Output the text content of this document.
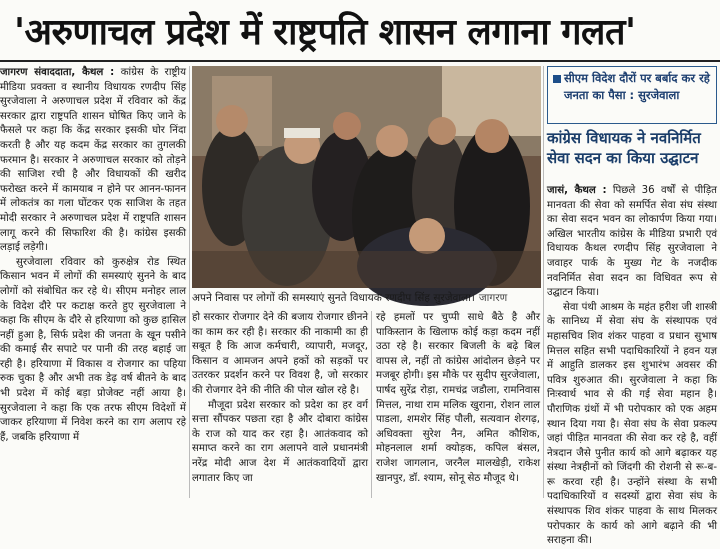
'अरुणाचल प्रदेश में राष्ट्रपति शासन लगाना गलत'

जागरण संवाददाता, कैथल : कांग्रेस के राष्ट्रीय मीडिया प्रवक्ता व स्थानीय विधायक रणदीप सिंह सुरजेवाला ने अरुणाचल प्रदेश में रविवार को केंद्र सरकार द्वारा राष्ट्रपति शासन घोषित किए जाने के फैसले पर कहा कि केंद्र सरकार इसकी घोर निंदा करती है और यह कदम केंद्र सरकार का तुगलकी फरमान है। सरकार ने अरुणाचल सरकार को तोड़ने की साजिश रची है और विधायकों की खरीद फरोख्त करने में कामयाब न होने पर आनन-फानन में लोकतंत्र का गला घोंटकर एक साजिश के तहत मोदी सरकार ने अरुणाचल प्रदेश में राष्ट्रपति शासन लागू करने की सिफारिश की है। कांग्रेस इसकी लड़ाई लड़ेगी।

सुरजेवाला रविवार को कुरुक्षेत्र रोड स्थित किसान भवन में लोगों की समस्याएं सुनने के बाद लोगों को संबोधित कर रहे थे। सीएम मनोहर लाल के विदेश दौरे पर कटाक्ष करते हुए सुरजेवाला ने कहा कि सीएम के दौरे से हरियाणा को कुछ हासिल नहीं हुआ है, सिर्फ प्रदेश की जनता के खून पसीने की कमाई सैर सपाटे पर पानी की तरह बहाई जा रही है। हरियाणा में विकास व रोजगार का पहिया रुक चुका है और अभी तक डेढ़ वर्ष बीतने के बाद भी प्रदेश में कोई बड़ा प्रोजेक्ट नहीं आया है। सुरजेवाला ने कहा कि एक तरफ सीएम विदेशों में जाकर हरियाणा में निवेश करने का राग अलाप रहे हैं, जबकि हरियाणा में

अपने निवास पर लोगों की समस्याएं सुनते विधायक रणदीप सिंह सुरजेवाला। जागरण

हो सरकार रोजगार देने की बजाय रोजगार छीनने का काम कर रही है। सरकार की नाकामी का ही सबूत है कि आज कर्मचारी, व्यापारी, मजदूर, किसान व आमजन अपने हकों को सड़कों पर उतरकर प्रदर्शन करने पर विवश है, जो सरकार की रोजगार देने की नीति की पोल खोल रहे है।

मौजूदा प्रदेश सरकार को प्रदेश का हर वर्ग सत्ता सौंपकर पछता रहा है और दोबारा कांग्रेस के राज को याद कर रहा है। आतंकवाद को समाप्त करने का राग अलापने वाले प्रधानमंत्री नरेंद्र मोदी आज देश में आतंकवादियों द्वारा लगातार किए जा

रहे हमलों पर चुप्पी साधे बैठे है और पाकिस्तान के खिलाफ कोई कड़ा कदम नहीं उठा रहे है। सरकार बिजली के बढ़े बिल वापस ले, नहीं तो कांग्रेस आंदोलन छेड़ने पर मजबूर होगी। इस मौके पर सुदीप सुरजेवाला, पार्षद सुरेंद्र रोड़ा, रामचंद्र जडौला, रामनिवास मित्तल, नाथा राम मलिक खुराना, रोशन लाल पाडला, शमशेर सिंह पौली, सत्यवान शेरगढ़, अधिवक्ता सुरेश नैन, अमित कौशिक, मोहनलाल शर्मा क्योड़क, कपिल बंसल, राजेश जागलान, जरनैल मालखेड़ी, राकेश खानपुर, डॉ. श्याम, सोनू सेठ मौजूद थे।

सीएम विदेश दौरों पर बर्बाद कर रहे जनता का पैसा : सुरजेवाला
कांग्रेस विधायक ने नवनिर्मित सेवा सदन का किया उद्घाटन

जासं, कैथल : पिछले 36 वर्षों से पीड़ित मानवता की सेवा को समर्पित सेवा संघ संस्था का सेवा सदन भवन का लोकार्पण किया गया। अखिल भारतीय कांग्रेस के मीडिया प्रभारी एवं विधायक कैथल रणदीप सिंह सुरजेवाला ने जवाहर पार्क के मुख्य गेट के नजदीक नवनिर्मित सेवा सदन का विधिवत रूप से उद्घाटन किया।

सेवा पंथी आश्रम के महंत हरीश जी शास्त्री के सानिध्य में सेवा संघ के संस्थापक एवं महासचिव शिव शंकर पाहवा व प्रधान सुभाष मित्तल सहित सभी पदाधिकारियों ने हवन यज्ञ में आहुति डालकर इस शुभारंभ अवसर की पवित्र शुरुआत की। सुरजेवाला ने कहा कि निःस्वार्थ भाव से की गई सेवा महान है। पौराणिक ग्रंथों में भी परोपकार को एक अहम स्थान दिया गया है। सेवा संघ के सेवा प्रकल्प जहां पीड़ित मानवता की सेवा कर रहे है, वहीं नेत्रदान जैसे पुनीत कार्य को आगे बढ़ाकर यह संस्था नेत्रहीनों को जिंदगी की रोशनी से रू-ब-रू करवा रही है। उन्होंने संस्था के सभी पदाधिकारियों व सदस्यों द्वारा सेवा संघ के संस्थापक शिव शंकर पाहवा के साथ मिलकर परोपकार के कार्य को आगे बढ़ाने की भी सराहना की।
